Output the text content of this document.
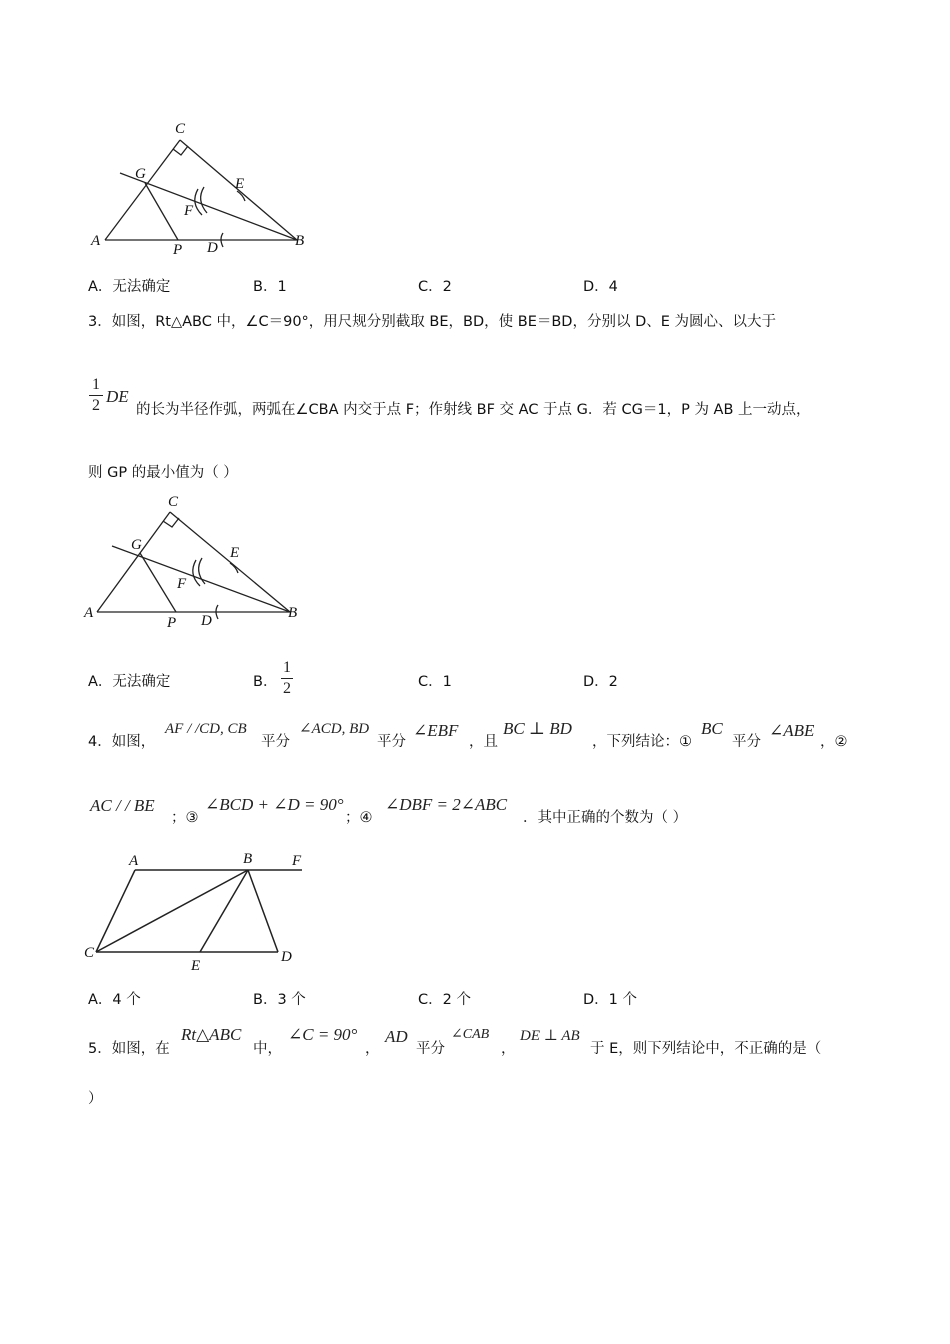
C
G
E
F
A
P D	B
A．无法确定	B．1	C．2	D．4
3．如图，Rt△ABC 中，∠C＝90°，用尺规分别截取 BE，BD，使 BE＝BD，分别以 D、E 为圆心、以大于
1
2 DE
的长为半径作弧，两弧在∠CBA 内交于点 F；作射线 BF 交 AC 于点 G．若 CG＝1，P 为 AB 上一动点，
则 GP 的最小值为（ ）
C
G	E
F
A
P D	B
A．无法确定	B．
1
2	C．1	D．2
4．如图，
AF / /CD, CB
平分
∠ACD, BD
平分
∠EBF
，且
BC ⊥ BD
，下列结论：①
BC
平分
∠ABE
，②
AC / / BE
；③
∠BCD + ∠D = 90°
；④
∠DBF = 2∠ABC
．其中正确的个数为（ ）
A	B	F
C
E
D
A．4 个	B．3 个	C．2 个	D．1 个
5．如图，在
Rt△ABC
中，
∠C = 90°
，
AD
平分
∠CAB
，
DE ⊥ AB
于 E，则下列结论中，不正确的是（
）
